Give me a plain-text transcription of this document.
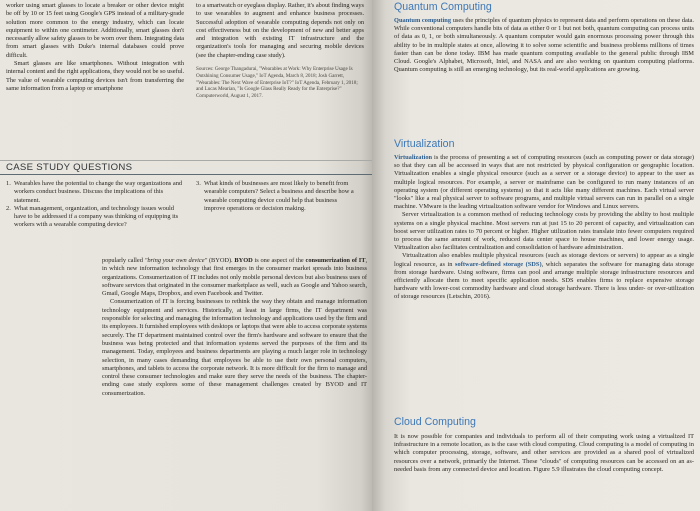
worker using smart glasses to locate a breaker or other device might be off by 10 or 15 feet using Google's GPS instead of a military-grade solution more common to the energy industry, which can locate equipment to within one centimeter. Additionally, smart glasses don't necessarily allow safety glasses to be worn over them. Integrating data from smart glasses with Duke's internal databases could prove difficult.

Smart glasses are like smartphones. Without integration with internal content and the right applications, they would not be so useful. The value of wearable computing devices isn't from transferring the same information from a laptop or smartphone

to a smartwatch or eyeglass display. Rather, it's about finding ways to use wearables to augment and enhance business processes. Successful adoption of wearable computing depends not only on cost effectiveness but on the development of new and better apps and integration with existing IT infrastructure and the organization's tools for managing and securing mobile devices (see the chapter-ending case study).

Sources: George Thangadurai, "Wearables at Work: Why Enterprise Usage Is Outshining Consumer Usage," IoT Agenda, March 8, 2018; Josh Garrett, "Wearables: The Next Wave of Enterprise IoT?" IoT Agenda, February 1, 2018; and Lucas Mearian, "Is Google Glass Really Ready for the Enterprise?" Computerworld, August 1, 2017.

CASE STUDY QUESTIONS
1. Wearables have the potential to change the way organizations and workers conduct business. Discuss the implications of this statement.
2. What management, organization, and technology issues would have to be addressed if a company was thinking of equipping its workers with a wearable computing device?
3. What kinds of businesses are most likely to benefit from wearable computers? Select a business and describe how a wearable computing device could help that business improve operations or decision making.

popularly called "bring your own device" (BYOD). BYOD is one aspect of the consumerization of IT, in which new information technology that first emerges in the consumer market spreads into business organizations. Consumerization of IT includes not only mobile personal devices but also business uses of software services that originated in the consumer marketplace as well, such as Google and Yahoo search, Gmail, Google Maps, Dropbox, and even Facebook and Twitter.

Consumerization of IT is forcing businesses to rethink the way they obtain and manage information technology equipment and services. Historically, at least in large firms, the IT department was responsible for selecting and managing the information technology and applications used by the firm and its employees. It furnished employees with desktops or laptops that were able to access corporate systems securely. The IT department maintained control over the firm's hardware and software to ensure that the business was being protected and that information systems served the purposes of the firm and its management. Today, employees and business departments are playing a much larger role in technology selection, in many cases demanding that employees be able to use their own personal computers, smartphones, and tablets to access the corporate network. It is more difficult for the firm to manage and control these consumer technologies and make sure they serve the needs of the business. The chapter-ending case study explores some of these management challenges created by BYOD and IT consumerization.

Quantum Computing

Quantum computing uses the principles of quantum physics to represent data and perform operations on these data. While conventional computers handle bits of data as either 0 or 1 but not both, quantum computing can process units of data as 0, 1, or both simultaneously. A quantum computer would gain enormous processing power through this ability to be in multiple states at once, allowing it to solve some scientific and business problems millions of times faster than can be done today. IBM has made quantum computing available to the general public through IBM Cloud. Google's Alphabet, Microsoft, Intel, and NASA and are also working on quantum computing platforms. Quantum computing is still an emerging technology, but its real-world applications are growing.

Virtualization

Virtualization is the process of presenting a set of computing resources (such as computing power or data storage) so that they can all be accessed in ways that are not restricted by physical configuration or geographic location. Virtualization enables a single physical resource (such as a server or a storage device) to appear to the user as multiple logical resources. For example, a server or mainframe can be configured to run many instances of an operating system (or different operating systems) so that it acts like many different machines. Each virtual server "looks" like a real physical server to software programs, and multiple virtual servers can run in parallel on a single machine. VMware is the leading virtualization software vendor for Windows and Linux servers.

Server virtualization is a common method of reducing technology costs by providing the ability to host multiple systems on a single physical machine. Most servers run at just 15 to 20 percent of capacity, and virtualization can boost server utilization rates to 70 percent or higher. Higher utilization rates translate into fewer computers required to process the same amount of work, reduced data center space to house machines, and lower energy usage. Virtualization also facilitates centralization and consolidation of hardware administration.

Virtualization also enables multiple physical resources (such as storage devices or servers) to appear as a single logical resource, as in software-defined storage (SDS), which separates the software for managing data storage from storage hardware. Using software, firms can pool and arrange multiple storage infrastructure resources and efficiently allocate them to meet specific application needs. SDS enables firms to replace expensive storage hardware with lower-cost commodity hardware and cloud storage hardware. There is less under- or over-utilization of storage resources (Letschin, 2016).

Cloud Computing

It is now possible for companies and individuals to perform all of their computing work using a virtualized IT infrastructure in a remote location, as is the case with cloud computing. Cloud computing is a model of computing in which computer processing, storage, software, and other services are provided as a shared pool of virtualized resources over a network, primarily the Internet. These "clouds" of computing resources can be accessed on an as-needed basis from any connected device and location. Figure 5.9 illustrates the cloud computing concept.
